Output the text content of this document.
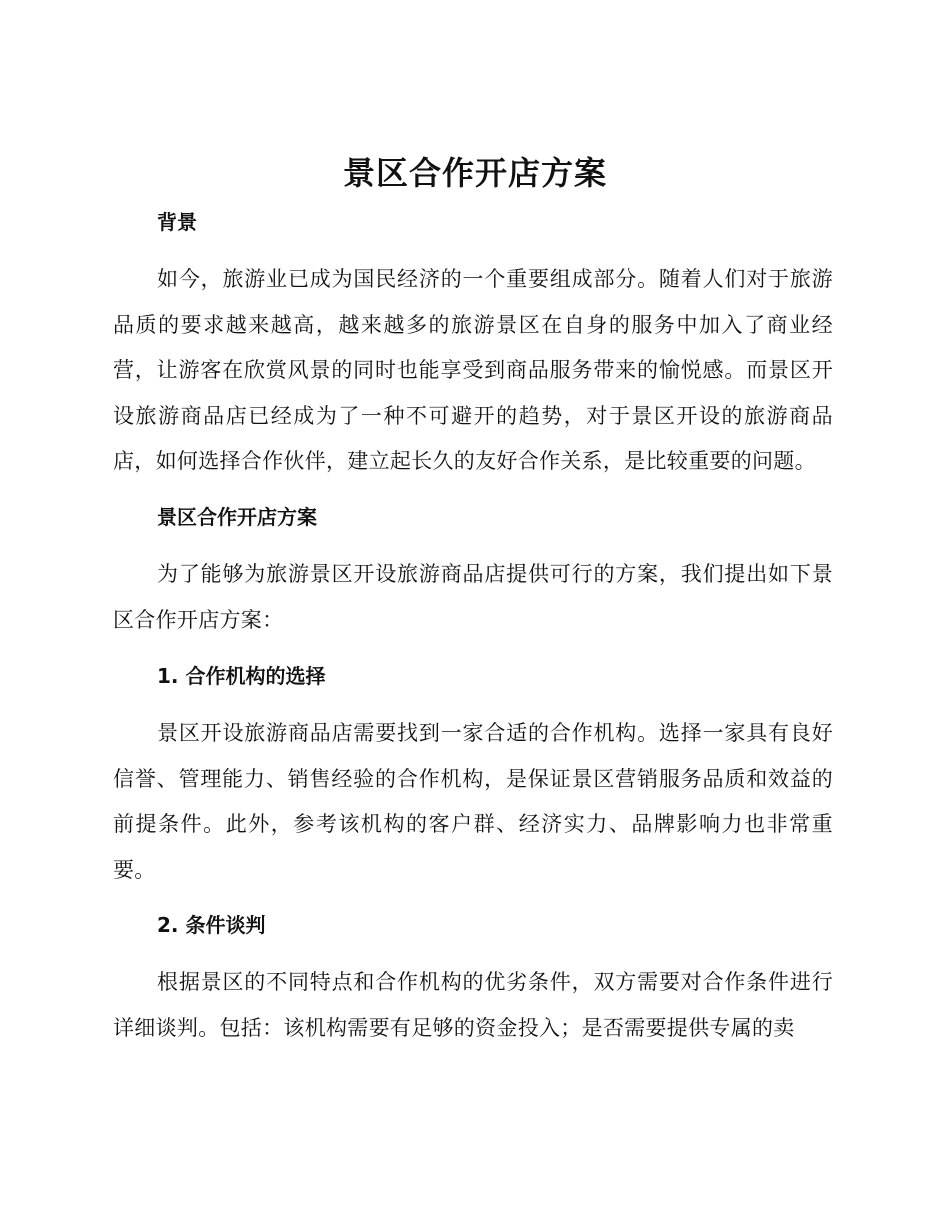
景区合作开店方案
背景
如今，旅游业已成为国民经济的一个重要组成部分。随着人们对于旅游品质的要求越来越高，越来越多的旅游景区在自身的服务中加入了商业经营，让游客在欣赏风景的同时也能享受到商品服务带来的愉悦感。而景区开设旅游商品店已经成为了一种不可避开的趋势，对于景区开设的旅游商品店，如何选择合作伙伴，建立起长久的友好合作关系，是比较重要的问题。
景区合作开店方案
为了能够为旅游景区开设旅游商品店提供可行的方案，我们提出如下景区合作开店方案：
1. 合作机构的选择
景区开设旅游商品店需要找到一家合适的合作机构。选择一家具有良好信誉、管理能力、销售经验的合作机构，是保证景区营销服务品质和效益的前提条件。此外，参考该机构的客户群、经济实力、品牌影响力也非常重要。
2. 条件谈判
根据景区的不同特点和合作机构的优劣条件，双方需要对合作条件进行详细谈判。包括：该机构需要有足够的资金投入；是否需要提供专属的卖
